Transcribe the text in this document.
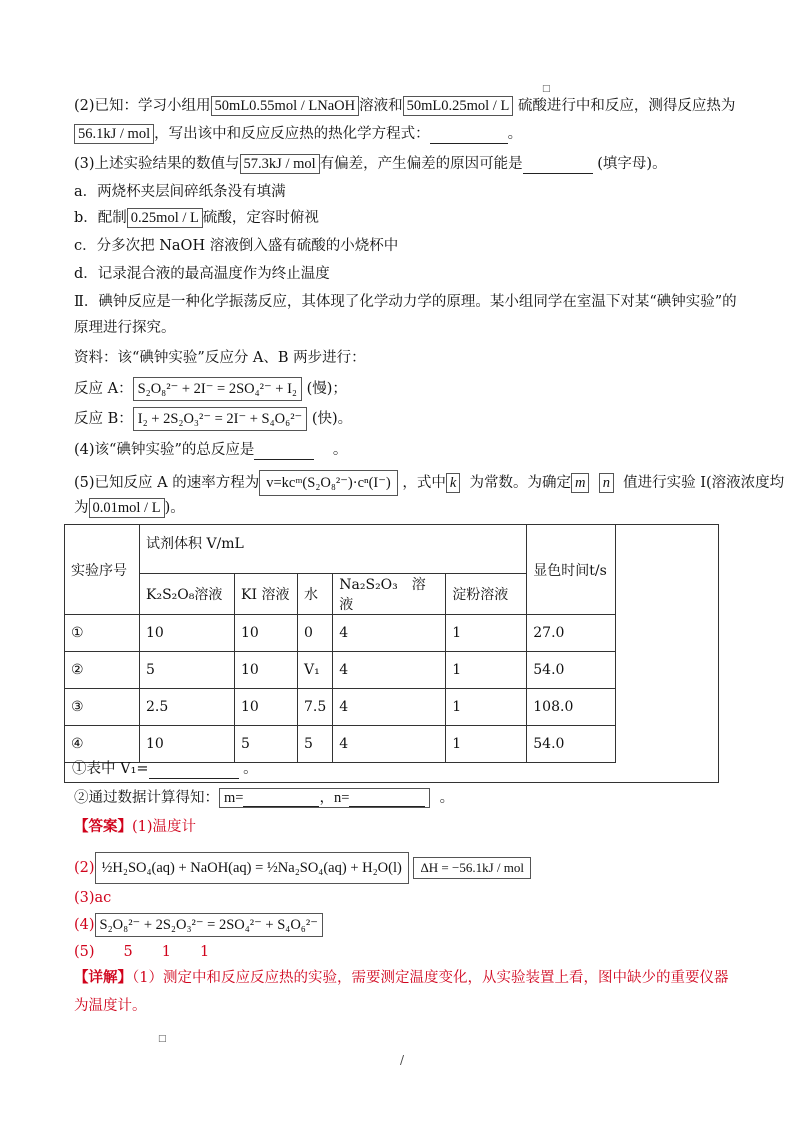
□
□
(2)已知：学习小组用 50mL0.55mol / LNaOH 溶液和 50mL0.25mol / L 硫酸进行中和反应，测得反应热为
56.1kJ / mol ，写出该中和反应反应热的热化学方程式：	。
(3)上述实验结果的数值与 57.3kJ / mol 有偏差，产生偏差的原因可能是	(填字母)。
a．两烧杯夹层间碎纸条没有填满
b．配制 0.25mol / L 硫酸，定容时俯视
c．分多次把 NaOH 溶液倒入盛有硫酸的小烧杯中
d．记录混合液的最高温度作为终止温度
Ⅱ．碘钟反应是一种化学振荡反应，其体现了化学动力学的原理。某小组同学在室温下对某“碘钟实验”的
原理进行探究。
资料：该“碘钟实验”反应分 A、B 两步进行：
反应 A： S₂O₈²⁻ + 2I⁻ = 2SO₄²⁻ + I₂ (慢)；
反应 B： I₂ + 2S₂O₃²⁻ = 2I⁻ + S₄O₆²⁻ (快)。
(4)该“碘钟实验”的总反应是	。
(5)已知反应 A 的速率方程为 v=kcᵐ(S₂O₈²⁻)·cⁿ(I⁻) ，式中 k 为常数。为确定 m n 值进行实验 I(溶液浓度均
为 0.01mol / L )。
实验序号	试剂体积 V/mL					显色时间t/s
	K₂S₂O₈溶液	KI 溶液	水	Na₂S₂O₃　溶液	淀粉溶液	
①	10	10	0	4	1	27.0
②	5	10	V₁	4	1	54.0
③	2.5	10	7.5	4	1	108.0
④	10	5	5	4	1	54.0
①表中 V₁=	。
②通过数据计算得知： m=	，n=	。
【答案】(1)温度计
(2) ½H₂SO₄(aq) + NaOH(aq) = ½Na₂SO₄(aq) + H₂O(l) ΔH = −56.1kJ / mol
(3)ac
(4) S₂O₈²⁻ + 2S₂O₃²⁻ = 2SO₄²⁻ + S₄O₆²⁻
(5)　　5　　1　　1
【详解】（1）测定中和反应反应热的实验，需要测定温度变化，从实验装置上看，图中缺少的重要仪器
为温度计。
/
